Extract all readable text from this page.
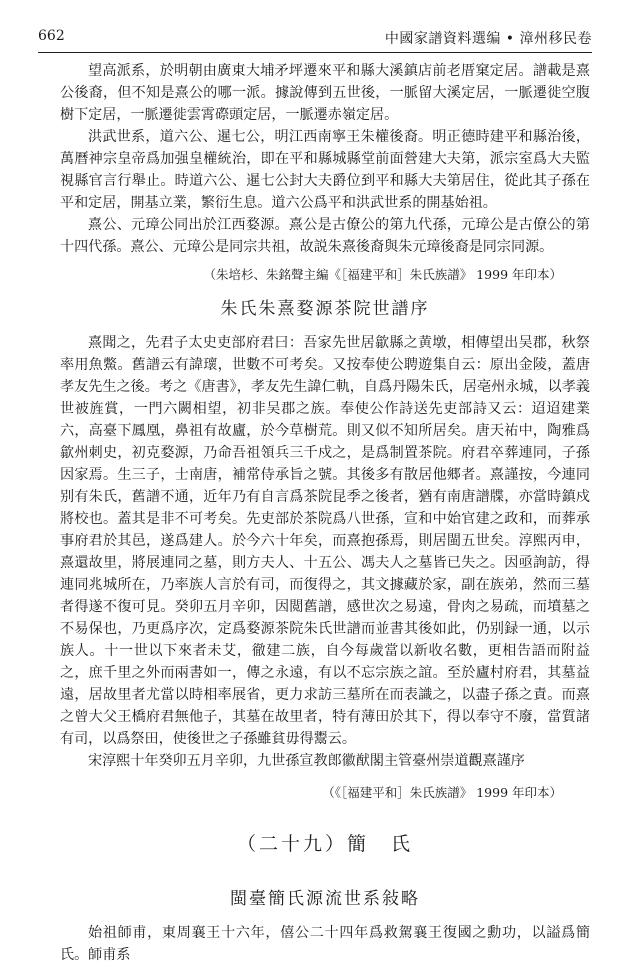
662	中國家譜資料選编 • 漳州移民卷

望高派系，於明朝由廣東大埔矛坪遷來平和縣大溪鎮店前老厝窠定居。譜載是熹公後裔，但不知是熹公的哪一派。據說傳到五世後，一脈留大溪定居，一脈遷徙空腹樹下定居，一脈遷徙雲霄磜頭定居，一脈遷赤嶺定居。

洪武世系，道六公、暹七公，明江西南寧王朱權後裔。明正德時建平和縣治後，萬曆神宗皇帝爲加强皇權統治，即在平和縣城縣堂前面營建大夫第，派宗室爲大夫監視縣官言行舉止。時道六公、暹七公封大夫爵位到平和縣大夫第居住，從此其子孫在平和定居，開基立業，繁衍生息。道六公爲平和洪武世系的開基始祖。

熹公、元璋公同出於江西婺源。熹公是古僚公的第九代孫，元璋公是古僚公的第十四代孫。熹公、元璋公是同宗共祖，故説朱熹後裔與朱元璋後裔是同宗同源。

（朱培杉、朱銘聲主編《［福建平和］朱氏族譜》 1999 年印本）

朱氏朱熹婺源茶院世譜序

熹聞之，先君子太史吏部府君曰：吾家先世居歙縣之黄墩，相傳望出吴郡，秋祭率用魚鱉。舊譜云有諱瓌，世數不可考矣。又按奉使公聘遊集自云：原出金陵，蓋唐孝友先生之後。考之《唐書》，孝友先生諱仁軌，自爲丹陽朱氏，居亳州永城，以孝義世被旌賞，一門六闕相望，初非吴郡之族。奉使公作詩送先吏部詩又云：迢迢建業六，高臺下鳳凰，鼻祖有故廬，於今草樹荒。則又似不知所居矣。唐天祐中，陶雅爲歙州刺史，初克婺源，乃命吾祖領兵三千戍之，是爲制置茶院。府君卒葬連同，子孫因家焉。生三子，士南唐，補常侍承旨之號。其後多有散居他郷者。熹謹按，今連同别有朱氏，舊譜不通，近年乃有自言爲茶院昆季之後者，猶有南唐譜牒，亦當時鎮戍將校也。蓋其是非不可考矣。先吏部於茶院爲八世孫，宣和中始官建之政和，而葬承事府君於其邑，遂爲建人。於今六十年矣，而熹抱孫焉，則居閩五世矣。淳熙丙申，熹還故里，將展連同之墓，則方夫人、十五公、馮夫人之墓皆已失之。因亟詢訪，得連同兆城所在，乃率族人言於有司，而復得之，其文據藏於家，副在族弟，然而三墓者得遂不復可見。癸卯五月辛卯，因閲舊譜，感世次之易遠，骨肉之易疏，而墳墓之不易保也，乃更爲序次，定爲婺源茶院朱氏世譜而並書其後如此，仍别録一通，以示族人。十一世以下來者未艾，徹建二族，自今每歲當以新收名數，更相告語而附益之，庶千里之外而兩書如一，傳之永遠，有以不忘宗族之誼。至於廬村府君，其墓益遠，居故里者尤當以時相率展省，更力求訪三墓所在而表識之，以盡子孫之責。而熹之曾大父王橋府君無他子，其墓在故里者，特有薄田於其下，得以奉守不廢，當質諸有司，以爲祭田，使後世之子孫雖貧毋得鬻云。

宋淳熙十年癸卯五月辛卯，九世孫宣教郎徽猷閣主管臺州崇道觀熹謹序

（《［福建平和］朱氏族譜》 1999 年印本）

（二十九）簡　氏
閩臺簡氏源流世系敍略

始祖師甫，東周襄王十六年，僖公二十四年爲救駕襄王復國之勳功，以謚爲簡氏。師甫系
